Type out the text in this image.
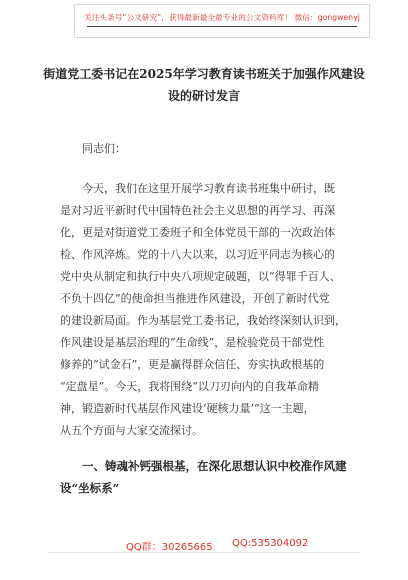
关注头条号“公文研究”，获得最新最全最专业的公文资料库！ 微信：gongwenyj
街道党工委书记在2025年学习教育读书班关于加强作风建设
设的研讨发言
同志们：
今天，我们在这里开展学习教育读书班集中研讨，既
是对习近平新时代中国特色社会主义思想的再学习、再深
化，更是对街道党工委班子和全体党员干部的一次政治体
检、作风淬炼。党的十八大以来，以习近平同志为核心的
党中央从制定和执行中央八项规定破题，以“得罪千百人、
不负十四亿”的使命担当推进作风建设，开创了新时代党
的建设新局面。作为基层党工委书记，我始终深刻认识到，
作风建设是基层治理的“生命线”，是检验党员干部党性
修养的“试金石”，更是赢得群众信任、夯实执政根基的
“定盘星”。今天，我将围绕“以刀刃向内的自我革命精
神，锻造新时代基层作风建设‘硬核力量’”这一主题，
从五个方面与大家交流探讨。
一、铸魂补钙强根基，在深化思想认识中校准作风建
设“坐标系”
QQ群：30265665 QQ:535304092
